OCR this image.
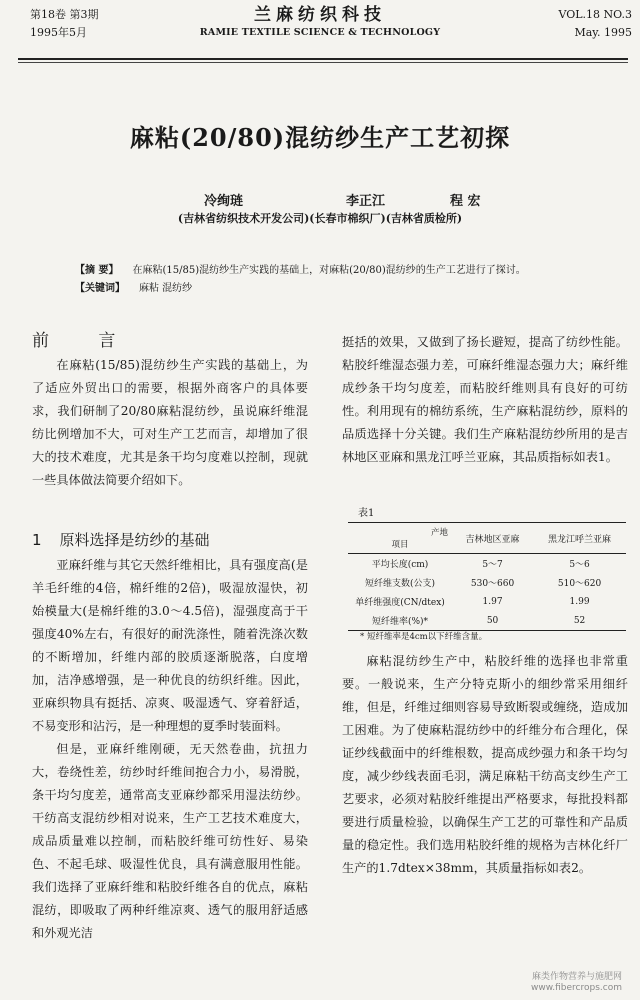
第18卷 第3期
1995年5月
兰麻纺织科技
RAMIE TEXTILE SCIENCE & TECHNOLOGY
VOL.18 NO.3
May. 1995
麻粘(20/80)混纺纱生产工艺初探
冷绚琏	李正江	程 宏
(吉林省纺织技术开发公司)(长春市棉织厂)(吉林省质检所)
【摘 要】 在麻粘(15/85)混纺纱生产实践的基础上，对麻粘(20/80)混纺纱的生产工艺进行了探讨。
【关键词】 麻粘 混纺纱
前 言

在麻粘(15/85)混纺纱生产实践的基础上，为了适应外贸出口的需要，根据外商客户的具体要求，我们研制了20/80麻粘混纺纱，虽说麻纤维混纺比例增加不大，可对生产工艺而言，却增加了很大的技术难度，尤其是条干均匀度难以控制，现就一些具体做法简要介绍如下。

1 原料选择是纺纱的基础

亚麻纤维与其它天然纤维相比，具有强度高(是羊毛纤维的4倍，棉纤维的2倍)，吸湿放湿快，初始模量大(是棉纤维的3.0～4.5倍)，湿强度高于干强度40%左右，有很好的耐洗涤性，随着洗涤次数的不断增加，纤维内部的胶质逐渐脱落，白度增加，洁净感增强，是一种优良的纺织纤维。因此，亚麻织物具有挺括、凉爽、吸湿透气、穿着舒适，不易变形和沾污，是一种理想的夏季时装面料。

但是，亚麻纤维刚硬，无天然卷曲，抗扭力大，卷绕性差，纺纱时纤维间抱合力小，易滑脱，条干均匀度差，通常高支亚麻纱都采用湿法纺纱。干纺高支混纺纱相对说来，生产工艺技术难度大，成品质量难以控制，而粘胶纤维可纺性好、易染色、不起毛球、吸湿性优良，具有满意服用性能。我们选择了亚麻纤维和粘胶纤维各自的优点，麻粘混纺，即吸取了两种纤维凉爽、透气的服用舒适感和外观光洁

挺括的效果，又做到了扬长避短，提高了纺纱性能。粘胶纤维湿态强力差，可麻纤维湿态强力大；麻纤维成纱条干均匀度差，而粘胶纤维则具有良好的可纺性。利用现有的棉纺系统，生产麻粘混纺纱，原料的品质选择十分关键。我们生产麻粘混纺纱所用的是吉林地区亚麻和黑龙江呼兰亚麻，其品质指标如表1。

表1
产地
项目	吉林地区亚麻	黑龙江呼兰亚麻
平均长度(cm)	5～7	5～6
短纤维支数(公支)	530～660	510～620
单纤维强度(CN/dtex)	1.97	1.99
短纤维率(%)*	50	52
* 短纤维率是4cm以下纤维含量。

麻粘混纺纱生产中，粘胶纤维的选择也非常重要。一般说来，生产分特克斯小的细纱常采用细纤维，但是，纤维过细则容易导致断裂或缠绕，造成加工困难。为了使麻粘混纺纱中的纤维分布合理化，保证纱线截面中的纤维根数，提高成纱强力和条干均匀度，减少纱线表面毛羽，满足麻粘干纺高支纱生产工艺要求，必须对粘胶纤维提出严格要求，每批投料都要进行质量检验，以确保生产工艺的可靠性和产品质量的稳定性。我们选用粘胶纤维的规格为吉林化纤厂生产的1.7dtex×38mm，其质量指标如表2。

麻类作物营养与施肥网
www.fibercrops.com
